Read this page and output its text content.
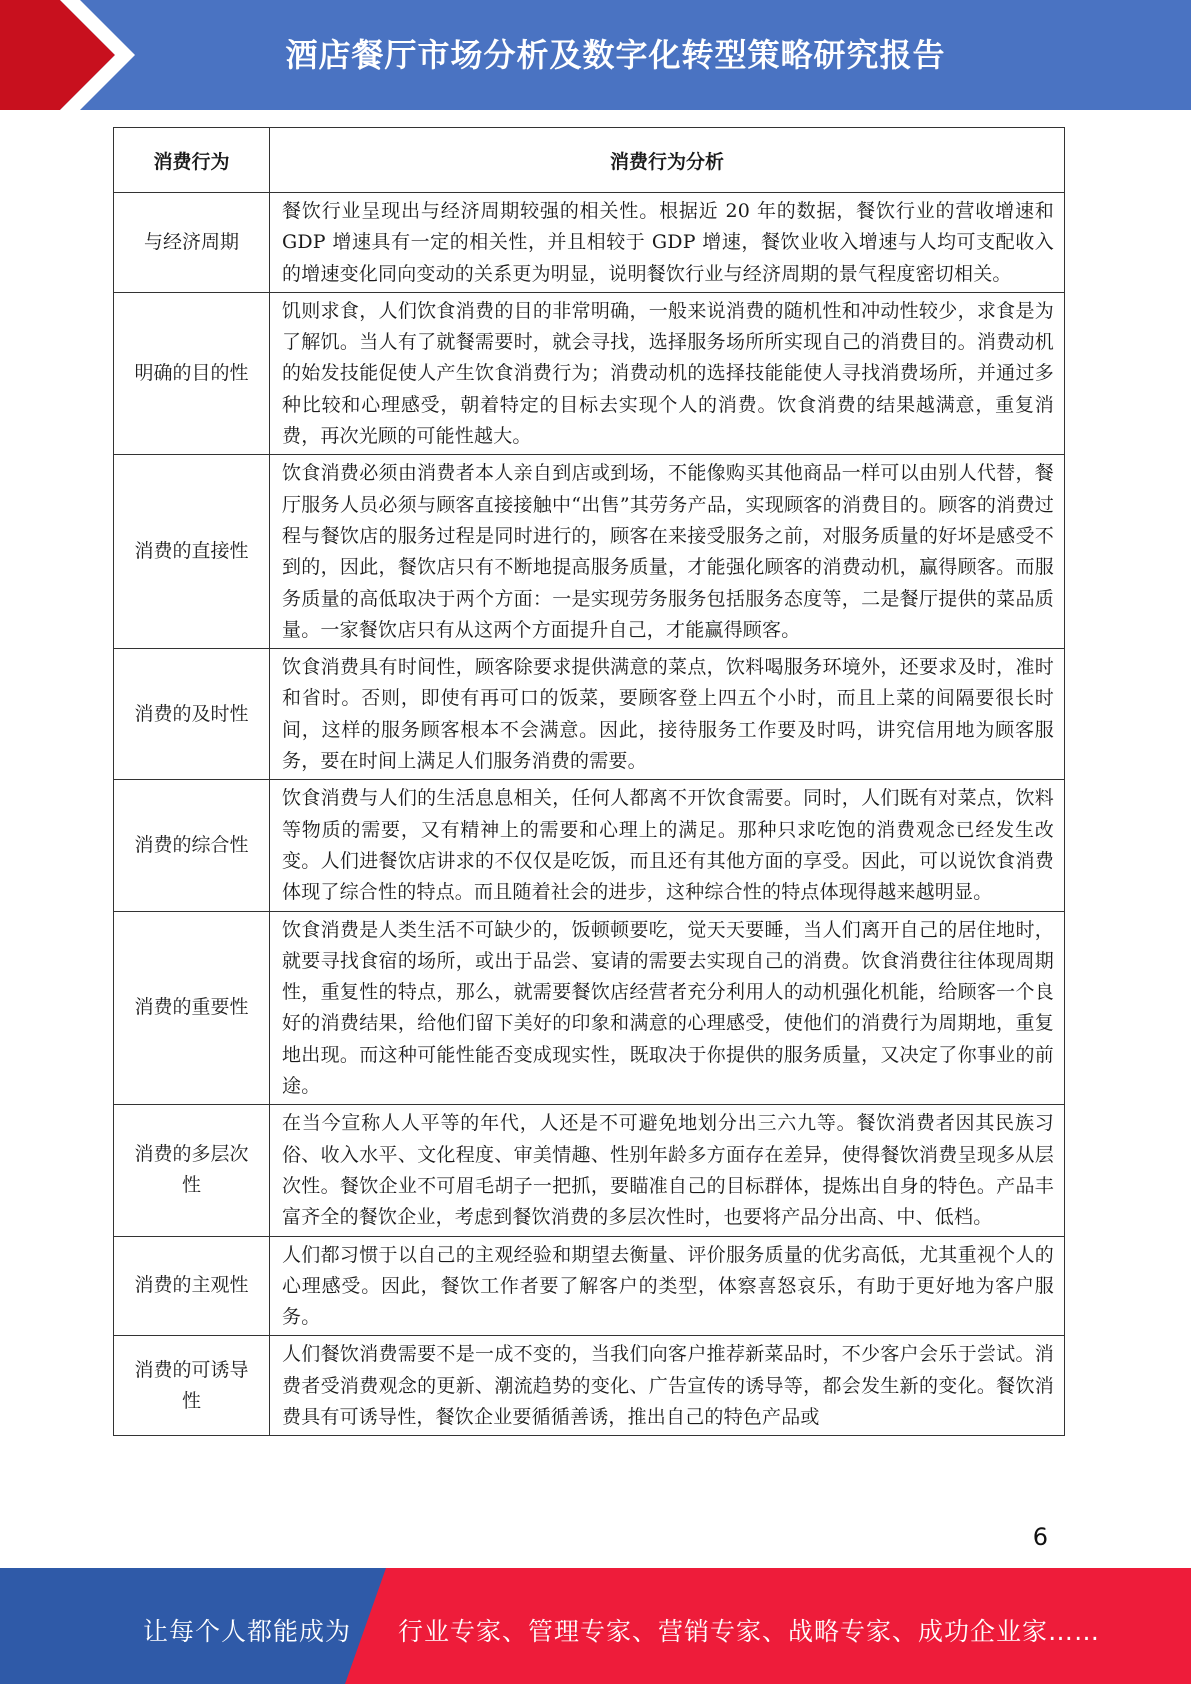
酒店餐厅市场分析及数字化转型策略研究报告
消费行为	消费行为分析
与经济周期	餐饮行业呈现出与经济周期较强的相关性。根据近 20 年的数据，餐饮行业的营收增速和 GDP 增速具有一定的相关性，并且相较于 GDP 增速，餐饮业收入增速与人均可支配收入的增速变化同向变动的关系更为明显，说明餐饮行业与经济周期的景气程度密切相关。
明确的目的性	饥则求食，人们饮食消费的目的非常明确，一般来说消费的随机性和冲动性较少，求食是为了解饥。当人有了就餐需要时，就会寻找，选择服务场所所实现自己的消费目的。消费动机的始发技能促使人产生饮食消费行为；消费动机的选择技能能使人寻找消费场所，并通过多种比较和心理感受，朝着特定的目标去实现个人的消费。饮食消费的结果越满意，重复消费，再次光顾的可能性越大。
消费的直接性	饮食消费必须由消费者本人亲自到店或到场，不能像购买其他商品一样可以由别人代替，餐厅服务人员必须与顾客直接接触中“出售”其劳务产品，实现顾客的消费目的。顾客的消费过程与餐饮店的服务过程是同时进行的，顾客在来接受服务之前，对服务质量的好坏是感受不到的，因此，餐饮店只有不断地提高服务质量，才能强化顾客的消费动机，赢得顾客。而服务质量的高低取决于两个方面：一是实现劳务服务包括服务态度等，二是餐厅提供的菜品质量。一家餐饮店只有从这两个方面提升自己，才能赢得顾客。
消费的及时性	饮食消费具有时间性，顾客除要求提供满意的菜点，饮料喝服务环境外，还要求及时，准时和省时。否则，即使有再可口的饭菜，要顾客登上四五个小时，而且上菜的间隔要很长时间，这样的服务顾客根本不会满意。因此，接待服务工作要及时吗，讲究信用地为顾客服务，要在时间上满足人们服务消费的需要。
消费的综合性	饮食消费与人们的生活息息相关，任何人都离不开饮食需要。同时，人们既有对菜点，饮料等物质的需要，又有精神上的需要和心理上的满足。那种只求吃饱的消费观念已经发生改变。人们进餐饮店讲求的不仅仅是吃饭，而且还有其他方面的享受。因此，可以说饮食消费体现了综合性的特点。而且随着社会的进步，这种综合性的特点体现得越来越明显。
消费的重要性	饮食消费是人类生活不可缺少的，饭顿顿要吃，觉天天要睡，当人们离开自己的居住地时，就要寻找食宿的场所，或出于品尝、宴请的需要去实现自己的消费。饮食消费往往体现周期性，重复性的特点，那么，就需要餐饮店经营者充分利用人的动机强化机能，给顾客一个良好的消费结果，给他们留下美好的印象和满意的心理感受，使他们的消费行为周期地，重复地出现。而这种可能性能否变成现实性，既取决于你提供的服务质量，又决定了你事业的前途。
消费的多层次性	在当今宣称人人平等的年代，人还是不可避免地划分出三六九等。餐饮消费者因其民族习俗、收入水平、文化程度、审美情趣、性别年龄多方面存在差异，使得餐饮消费呈现多从层次性。餐饮企业不可眉毛胡子一把抓，要瞄准自己的目标群体，提炼出自身的特色。产品丰富齐全的餐饮企业，考虑到餐饮消费的多层次性时，也要将产品分出高、中、低档。
消费的主观性	人们都习惯于以自己的主观经验和期望去衡量、评价服务质量的优劣高低，尤其重视个人的心理感受。因此，餐饮工作者要了解客户的类型，体察喜怒哀乐，有助于更好地为客户服务。
消费的可诱导性	人们餐饮消费需要不是一成不变的，当我们向客户推荐新菜品时，不少客户会乐于尝试。消费者受消费观念的更新、潮流趋势的变化、广告宣传的诱导等，都会发生新的变化。餐饮消费具有可诱导性，餐饮企业要循循善诱，推出自己的特色产品或
6
让每个人都能成为 行业专家、管理专家、营销专家、战略专家、成功企业家……
